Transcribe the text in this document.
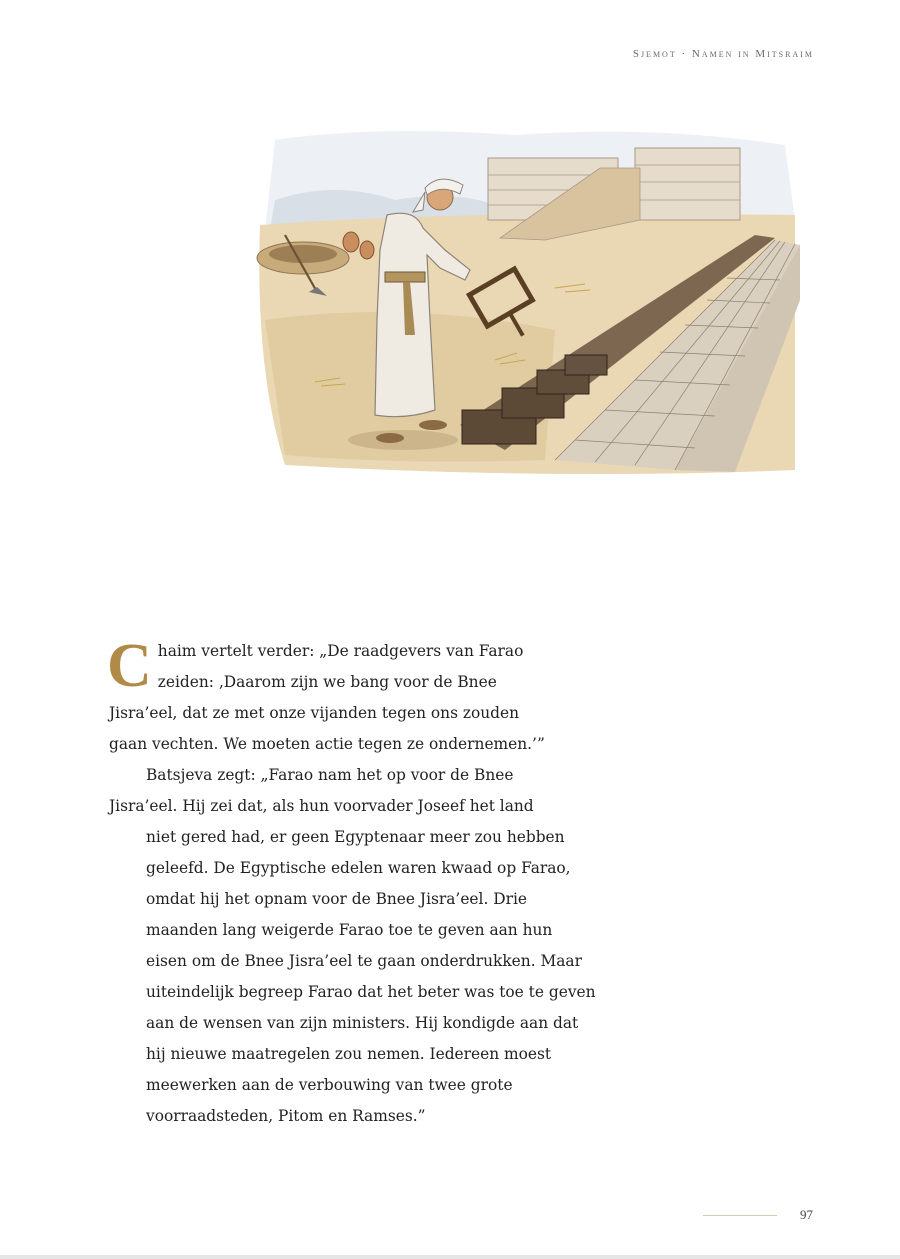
Sjemot · Namen in Mitsraim

C haim vertelt verder: „De raadgevers van Farao
zeiden: ‚Daarom zijn we bang voor de Bnee
Jisra’eel, dat ze met onze vijanden tegen ons zouden
gaan vechten. We moeten actie tegen ze ondernemen.’”

Batsjeva zegt: „Farao nam het op voor de Bnee
Jisra’eel. Hij zei dat, als hun voorvader Joseef het land
niet gered had, er geen Egyptenaar meer zou hebben
geleefd. De Egyptische edelen waren kwaad op Farao,
omdat hij het opnam voor de Bnee Jisra’eel. Drie
maanden lang weigerde Farao toe te geven aan hun
eisen om de Bnee Jisra’eel te gaan onderdrukken. Maar
uiteindelijk begreep Farao dat het beter was toe te geven
aan de wensen van zijn ministers. Hij kondigde aan dat
hij nieuwe maatregelen zou nemen. Iedereen moest
meewerken aan de verbouwing van twee grote
voorraadsteden, Pitom en Ramses.”

97
